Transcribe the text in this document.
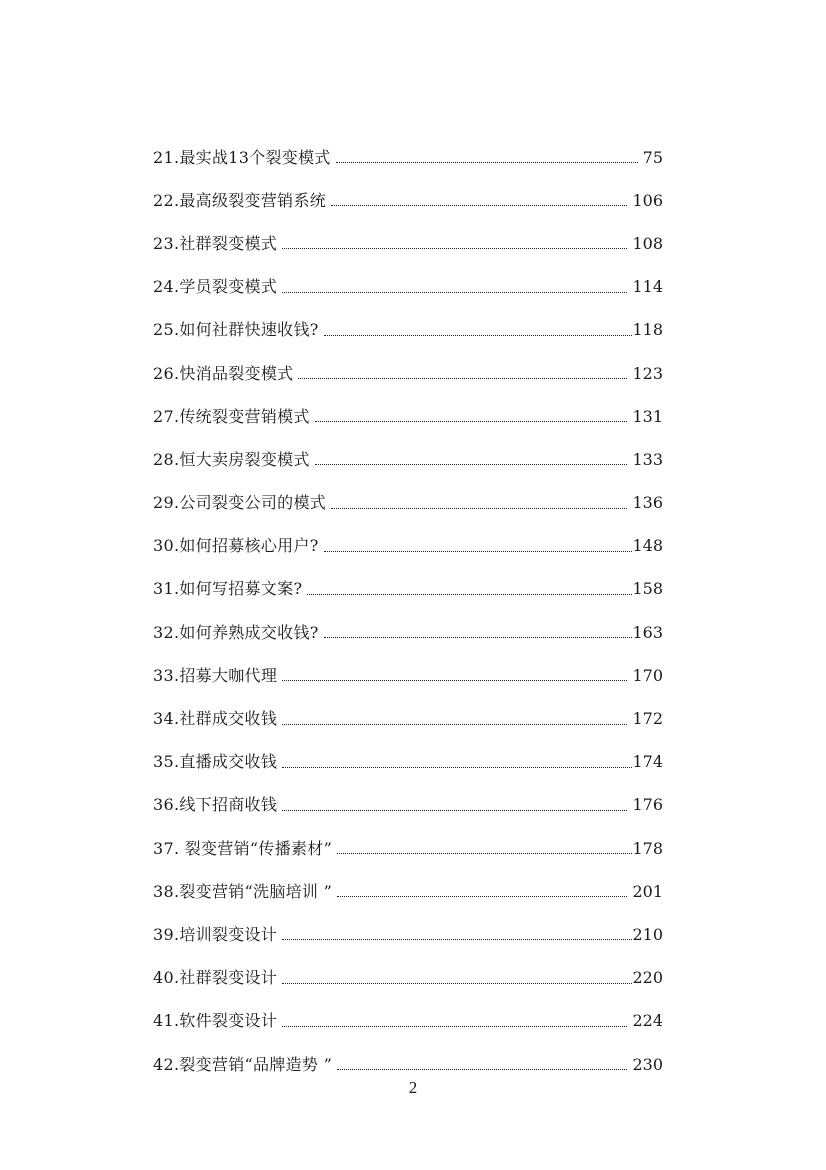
21.最实战13个裂变模式	75
22.最高级裂变营销系统	106
23.社群裂变模式	108
24.学员裂变模式	114
25.如何社群快速收钱?	118
26.快消品裂变模式	123
27.传统裂变营销模式	131
28.恒大卖房裂变模式	133
29.公司裂变公司的模式	136
30.如何招募核心用户?	148
31.如何写招募文案?	158
32.如何养熟成交收钱?	163
33.招募大咖代理	170
34.社群成交收钱	172
35.直播成交收钱	174
36.线下招商收钱	176
37. 裂变营销“传播素材”	178
38.裂变营销“洗脑培训 ”	201
39.培训裂变设计	210
40.社群裂变设计	220
41.软件裂变设计	224
42.裂变营销“品牌造势 ”	230
2
